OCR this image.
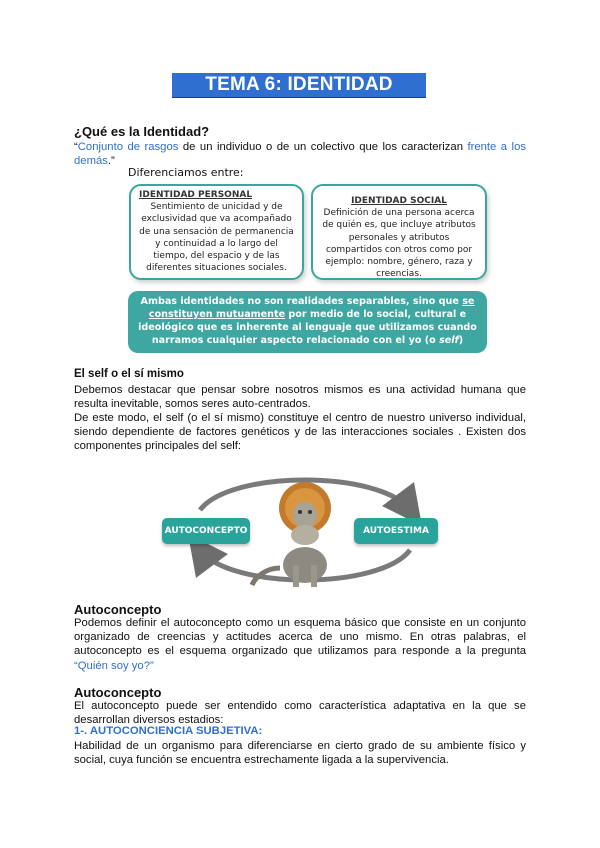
TEMA 6: IDENTIDAD SOCIAL
¿Qué es la Identidad?
“Conjunto de rasgos de un individuo o de un colectivo que los caracterizan frente a los demás.”
Diferenciamos entre:
IDENTIDAD PERSONAL
Sentimiento de unicidad y de exclusividad que va acompañado de una sensación de permanencia y continuidad a lo largo del tiempo, del espacio y de las diferentes situaciones sociales.
IDENTIDAD SOCIAL
Definición de una persona acerca de quién es, que incluye atributos personales y atributos compartidos con otros como por ejemplo: nombre, género, raza y creencias.
Ambas identidades no son realidades separables, sino que se constituyen mutuamente por medio de lo social, cultural e ideológico que es inherente al lenguaje que utilizamos cuando narramos cualquier aspecto relacionado con el yo (o self)
El self o el sí mismo
Debemos destacar que pensar sobre nosotros mismos es una actividad humana que resulta inevitable, somos seres auto-centrados.
De este modo, el self (o el sí mismo) constituye el centro de nuestro universo individual, siendo dependiente de factores genéticos y de las interacciones sociales . Existen dos componentes principales del self:
AUTOCONCEPTO	AUTOESTIMA
Autoconcepto
Podemos definir el autoconcepto como un esquema básico que consiste en un conjunto organizado de creencias y actitudes acerca de uno mismo. En otras palabras, el autoconcepto es el esquema organizado que utilizamos para responde a la pregunta “Quién soy yo?”
Autoconcepto
El autoconcepto puede ser entendido como característica adaptativa en la que se desarrollan diversos estadios:
1-. AUTOCONCIENCIA SUBJETIVA:
Habilidad de un organismo para diferenciarse en cierto grado de su ambiente físico y social, cuya función se encuentra estrechamente ligada a la supervivencia.
